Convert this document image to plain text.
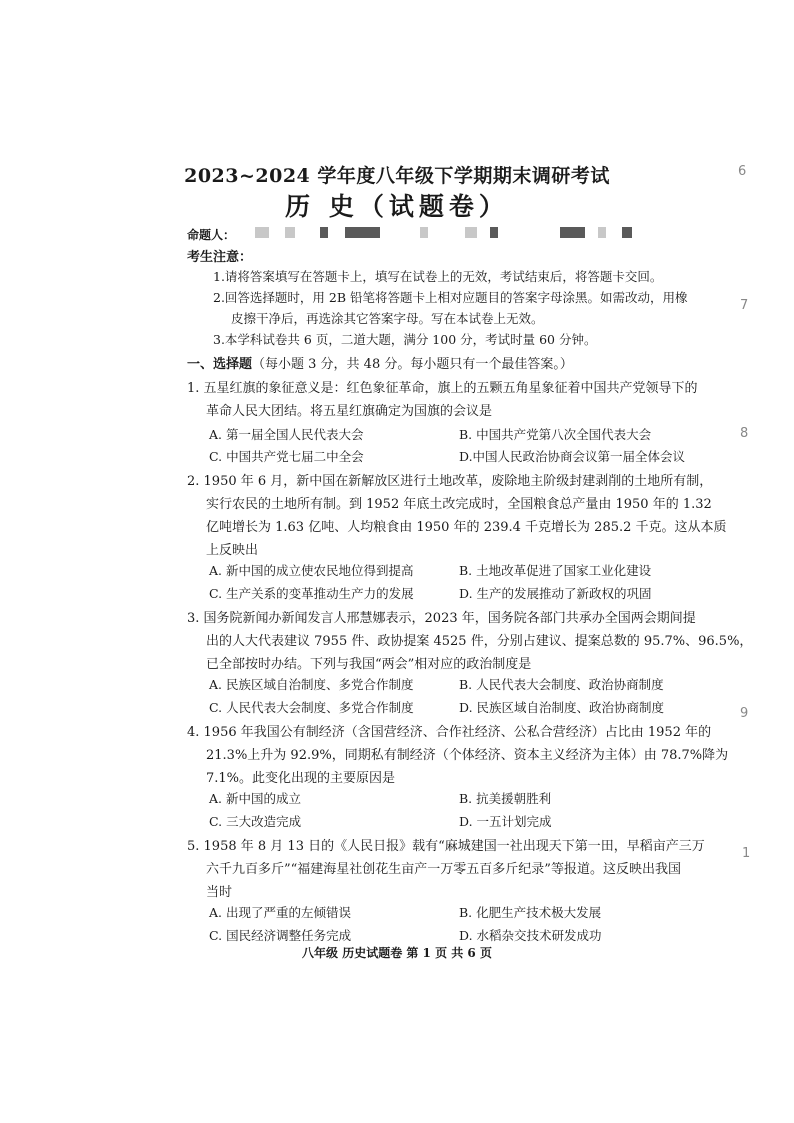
2023~2024 学年度八年级下学期期末调研考试
历 史（试题卷）
命题人：
考生注意：
1.请将答案填写在答题卡上，填写在试卷上的无效，考试结束后，将答题卡交回。
2.回答选择题时，用 2B 铅笔将答题卡上相对应题目的答案字母涂黑。如需改动，用橡
皮擦干净后，再选涂其它答案字母。写在本试卷上无效。
3.本学科试卷共 6 页，二道大题，满分 100 分，考试时量 60 分钟。
一、选择题（每小题 3 分，共 48 分。每小题只有一个最佳答案。）
1. 五星红旗的象征意义是：红色象征革命，旗上的五颗五角星象征着中国共产党领导下的
革命人民大团结。将五星红旗确定为国旗的会议是
A. 第一届全国人民代表大会	B. 中国共产党第八次全国代表大会
C. 中国共产党七届二中全会	D.中国人民政治协商会议第一届全体会议
2. 1950 年 6 月，新中国在新解放区进行土地改革，废除地主阶级封建剥削的土地所有制，
实行农民的土地所有制。到 1952 年底土改完成时，全国粮食总产量由 1950 年的 1.32
亿吨增长为 1.63 亿吨、人均粮食由 1950 年的 239.4 千克增长为 285.2 千克。这从本质
上反映出
A. 新中国的成立使农民地位得到提高	B. 土地改革促进了国家工业化建设
C. 生产关系的变革推动生产力的发展	D. 生产的发展推动了新政权的巩固
3. 国务院新闻办新闻发言人邢慧娜表示，2023 年，国务院各部门共承办全国两会期间提
出的人大代表建议 7955 件、政协提案 4525 件，分别占建议、提案总数的 95.7%、96.5%，
已全部按时办结。下列与我国“两会”相对应的政治制度是
A. 民族区域自治制度、多党合作制度	B. 人民代表大会制度、政治协商制度
C. 人民代表大会制度、多党合作制度	D. 民族区域自治制度、政治协商制度
4. 1956 年我国公有制经济（含国营经济、合作社经济、公私合营经济）占比由 1952 年的
21.3%上升为 92.9%，同期私有制经济（个体经济、资本主义经济为主体）由 78.7%降为
7.1%。此变化出现的主要原因是
A. 新中国的成立	B. 抗美援朝胜利
C. 三大改造完成	D. 一五计划完成
5. 1958 年 8 月 13 日的《人民日报》载有“麻城建国一社出现天下第一田，早稻亩产三万
六千九百多斤”“福建海星社创花生亩产一万零五百多斤纪录”等报道。这反映出我国
当时
A. 出现了严重的左倾错误	B. 化肥生产技术极大发展
C. 国民经济调整任务完成	D. 水稻杂交技术研发成功
八年级 历史试题卷 第 1 页 共 6 页
6
7
8
9
1
